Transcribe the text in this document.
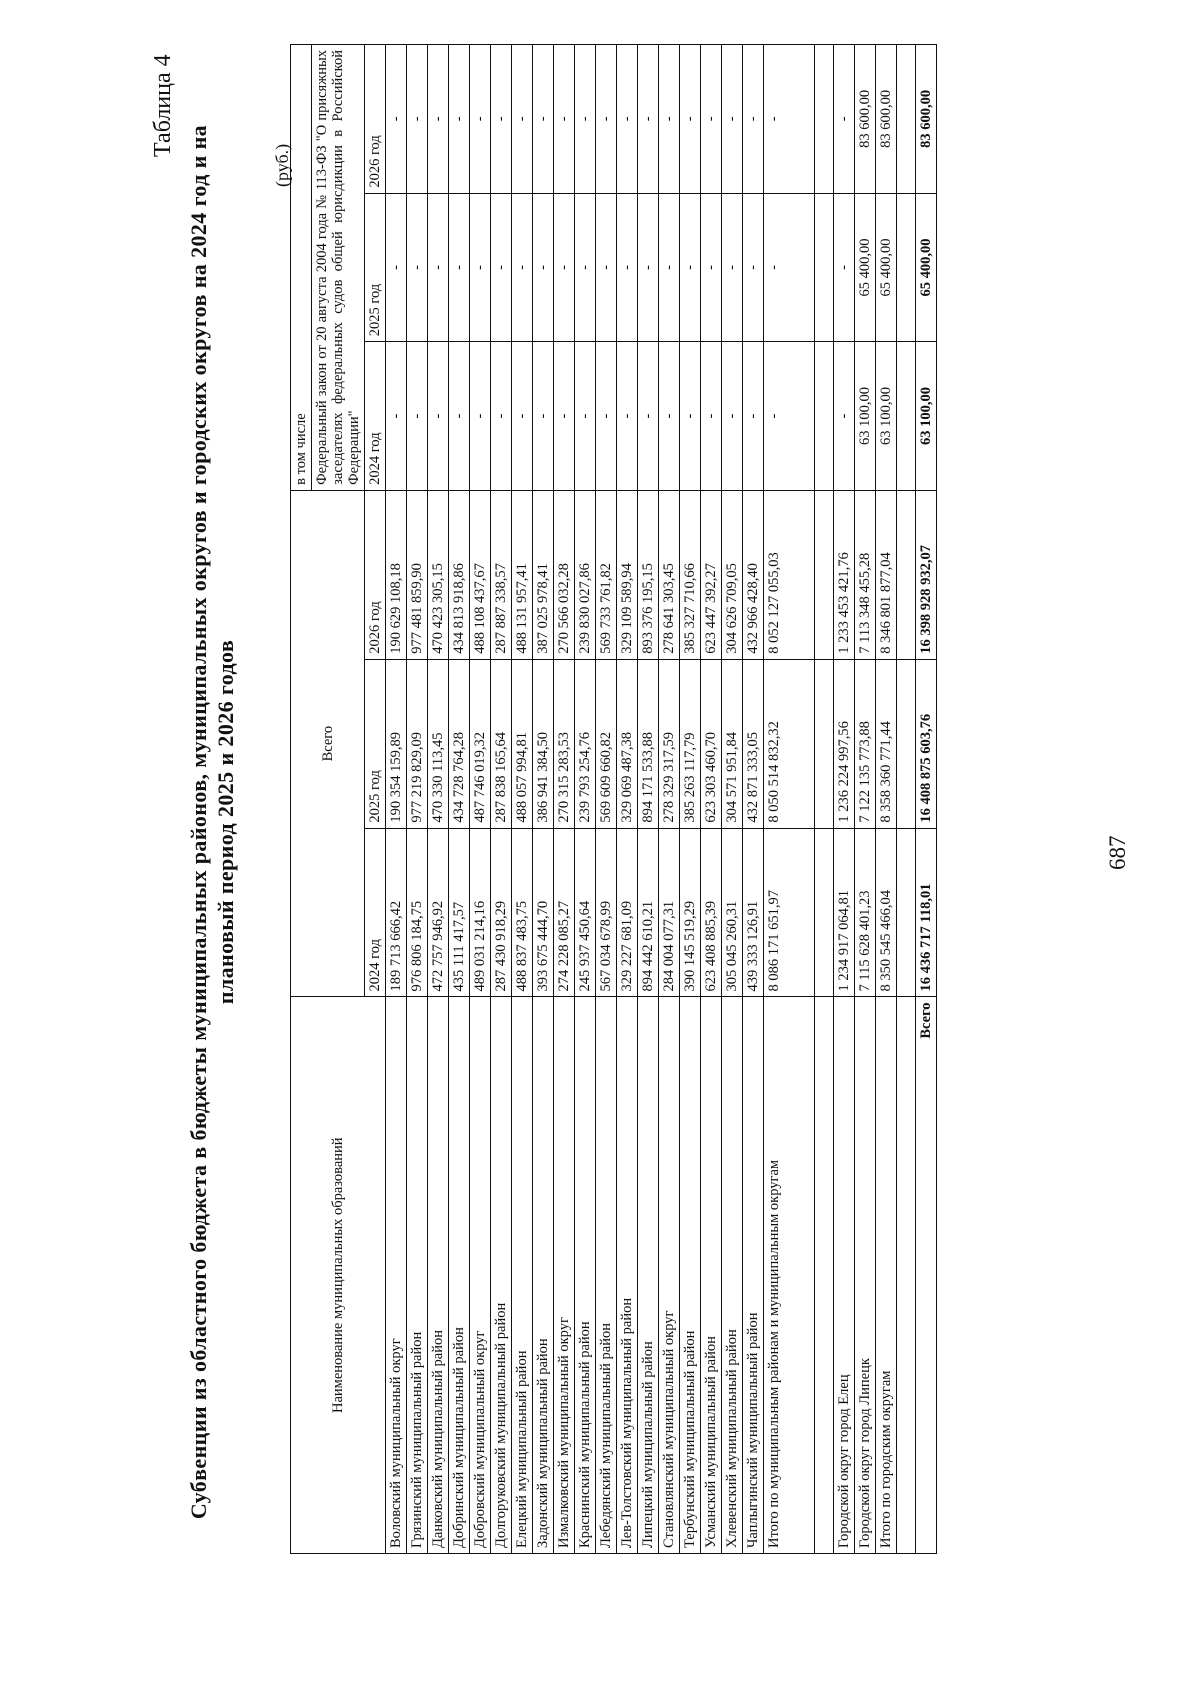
687
Таблица 4
Субвенции из областного бюджета в бюджеты муниципальных районов, муниципальных округов и городских округов на 2024 год и на плановый период 2025 и 2026 годов
(руб.)
Наименование муниципальных образований	Всего			в том числе		
				Федеральный закон от 20 августа 2004 года № 113-ФЗ "О присяжных заседателях федеральных судов общей юрисдикции в Российской Федерации"		
	2024 год	2025 год	2026 год	2024 год	2025 год	2026 год
Воловский муниципальный округ	189 713 666,42	190 354 159,89	190 629 108,18	-	-	-
Грязинский муниципальный район	976 806 184,75	977 219 829,09	977 481 859,90	-	-	-
Данковский муниципальный район	472 757 946,92	470 330 113,45	470 423 305,15	-	-	-
Добринский муниципальный район	435 111 417,57	434 728 764,28	434 813 918,86	-	-	-
Добровский муниципальный округ	489 031 214,16	487 746 019,32	488 108 437,67	-	-	-
Долгоруковский муниципальный район	287 430 918,29	287 838 165,64	287 887 338,57	-	-	-
Елецкий муниципальный район	488 837 483,75	488 057 994,81	488 131 957,41	-	-	-
Задонский муниципальный район	393 675 444,70	386 941 384,50	387 025 978,41	-	-	-
Измалковский муниципальный округ	274 228 085,27	270 315 283,53	270 566 032,28	-	-	-
Краснинский муниципальный район	245 937 450,64	239 793 254,76	239 830 027,86	-	-	-
Лебедянский муниципальный район	567 034 678,99	569 609 660,82	569 733 761,82	-	-	-
Лев-Толстовский муниципальный район	329 227 681,09	329 069 487,38	329 109 589,94	-	-	-
Липецкий муниципальный район	894 442 610,21	894 171 533,88	893 376 195,15	-	-	-
Становлянский муниципальный округ	284 004 077,31	278 329 317,59	278 641 303,45	-	-	-
Тербунский муниципальный район	390 145 519,29	385 263 117,79	385 327 710,66	-	-	-
Усманский муниципальный район	623 408 885,39	623 303 460,70	623 447 392,27	-	-	-
Хлевенский муниципальный район	305 045 260,31	304 571 951,84	304 626 709,05	-	-	-
Чаплыгинский муниципальный район	439 333 126,91	432 871 333,05	432 966 428,40	-	-	-
Итого по муниципальным районам и муниципальным округам	8 086 171 651,97	8 050 514 832,32	8 052 127 055,03	-	-	-

Городской округ город Елец	1 234 917 064,81	1 236 224 997,56	1 233 453 421,76	-	-	-
Городской округ город Липецк	7 115 628 401,23	7 122 135 773,88	7 113 348 455,28	63 100,00	65 400,00	83 600,00
Итого по городским округам	8 350 545 466,04	8 358 360 771,44	8 346 801 877,04	63 100,00	65 400,00	83 600,00

Всего	16 436 717 118,01	16 408 875 603,76	16 398 928 932,07	63 100,00	65 400,00	83 600,00
